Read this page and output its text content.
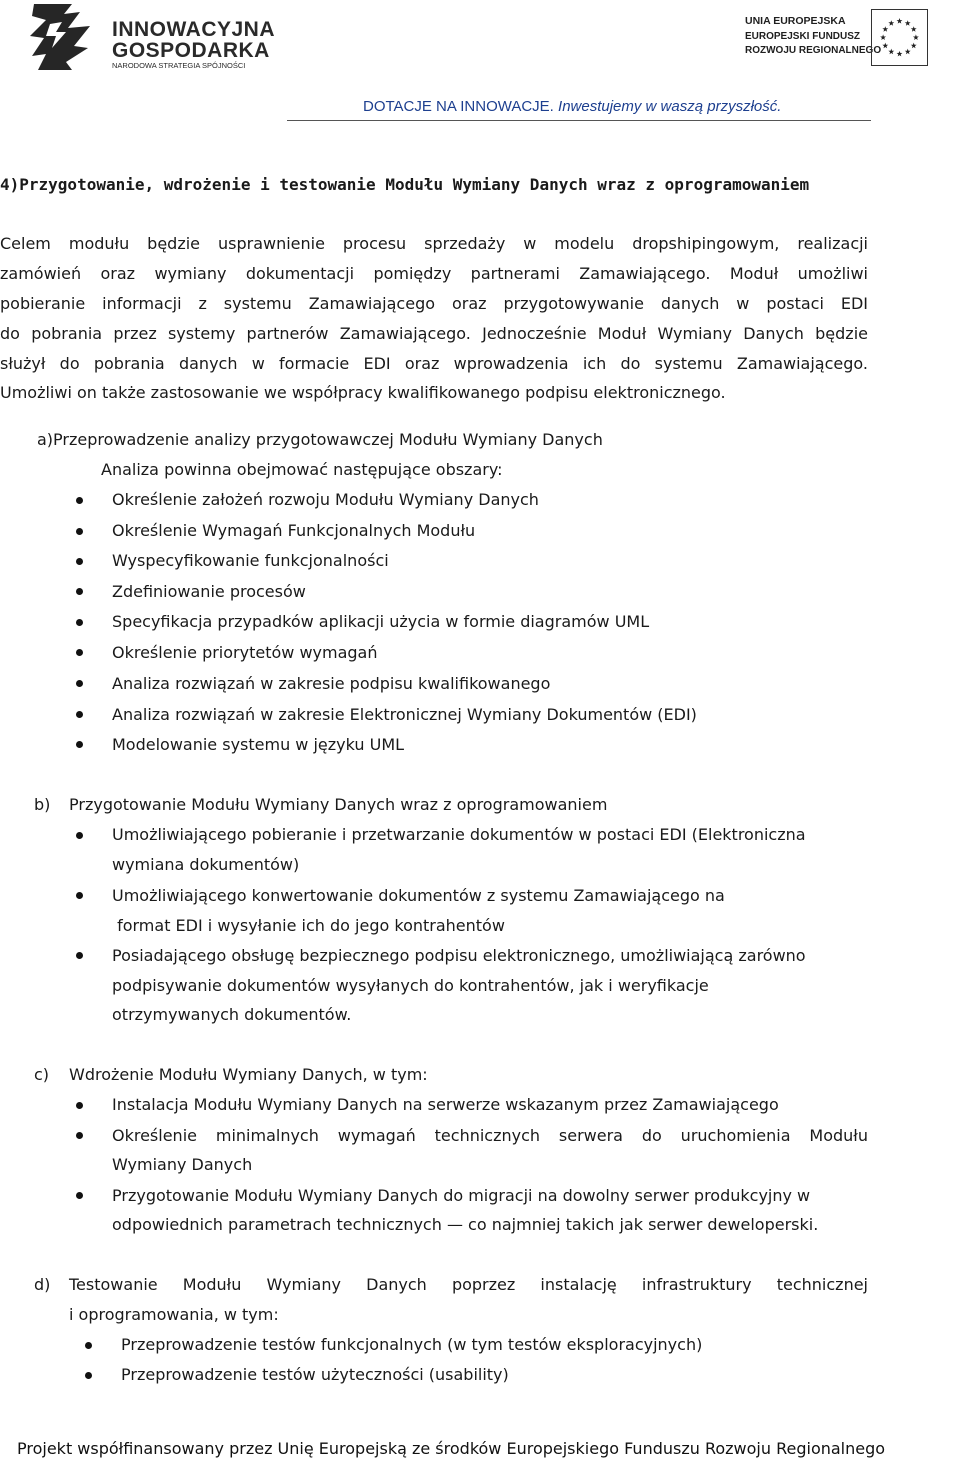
INNOWACYJNA
GOSPODARKA
NARODOWA STRATEGIA SPÓJNOŚCI
UNIA EUROPEJSKA
EUROPEJSKI FUNDUSZ
ROZWOJU REGIONALNEGO
DOTACJE NA INNOWACJE. Inwestujemy w waszą przyszłość.
4)Przygotowanie, wdrożenie i testowanie Modułu Wymiany Danych wraz z oprogramowaniem
Celem modułu będzie usprawnienie procesu sprzedaży w modelu dropshipingowym, realizacji
zamówień oraz wymiany dokumentacji pomiędzy partnerami Zamawiającego. Moduł umożliwi
pobieranie informacji z systemu Zamawiającego oraz przygotowywanie danych w postaci EDI
do pobrania przez systemy partnerów Zamawiającego. Jednocześnie Moduł Wymiany Danych będzie
służył do pobrania danych w formacie EDI oraz wprowadzenia ich do systemu Zamawiającego.
Umożliwi on także zastosowanie we współpracy kwalifikowanego podpisu elektronicznego.
a)Przeprowadzenie analizy przygotowawczej Modułu Wymiany Danych
Analiza powinna obejmować następujące obszary:
Określenie założeń rozwoju Modułu Wymiany Danych
Określenie Wymagań Funkcjonalnych Modułu
Wyspecyfikowanie funkcjonalności
Zdefiniowanie procesów
Specyfikacja przypadków aplikacji użycia w formie diagramów UML
Określenie priorytetów wymagań
Analiza rozwiązań w zakresie podpisu kwalifikowanego
Analiza rozwiązań w zakresie Elektronicznej Wymiany Dokumentów (EDI)
Modelowanie systemu w języku UML
b) Przygotowanie Modułu Wymiany Danych wraz z oprogramowaniem
Umożliwiającego pobieranie i przetwarzanie dokumentów w postaci EDI (Elektroniczna
wymiana dokumentów)
Umożliwiającego konwertowanie dokumentów z systemu Zamawiającego na
format EDI i wysyłanie ich do jego kontrahentów
Posiadającego obsługę bezpiecznego podpisu elektronicznego, umożliwiającą zarówno
podpisywanie dokumentów wysyłanych do kontrahentów, jak i weryfikacje
otrzymywanych dokumentów.
c) Wdrożenie Modułu Wymiany Danych, w tym:
Instalacja Modułu Wymiany Danych na serwerze wskazanym przez Zamawiającego
Określenie minimalnych wymagań technicznych serwera do uruchomienia Modułu
Wymiany Danych
Przygotowanie Modułu Wymiany Danych do migracji na dowolny serwer produkcyjny w
odpowiednich parametrach technicznych — co najmniej takich jak serwer deweloperski.
d) Testowanie Modułu Wymiany Danych poprzez instalację infrastruktury technicznej
i oprogramowania, w tym:
Przeprowadzenie testów funkcjonalnych (w tym testów eksploracyjnych)
Przeprowadzenie testów użyteczności (usability)
Projekt współfinansowany przez Unię Europejską ze środków Europejskiego Funduszu Rozwoju Regionalnego
